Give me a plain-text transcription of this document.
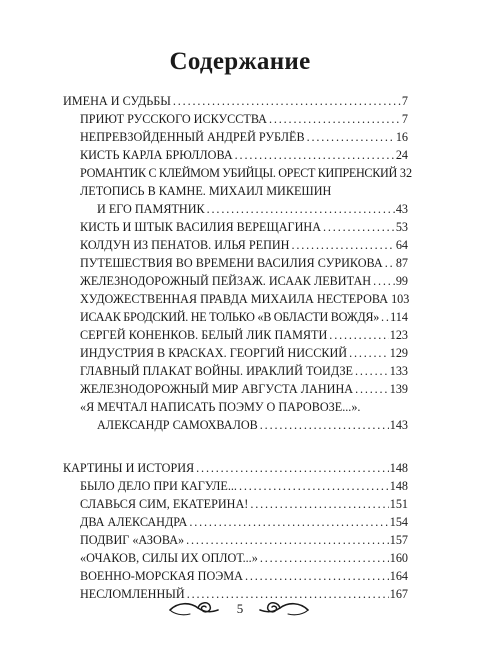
Содержание
ИМЕНА И СУДЬБЫ . . .	7
ПРИЮТ РУССКОГО ИСКУССТВА . . .	7
НЕПРЕВЗОЙДЕННЫЙ АНДРЕЙ РУБЛЁВ . . .	16
КИСТЬ КАРЛА БРЮЛЛОВА . . .	24
РОМАНТИК С КЛЕЙМОМ УБИЙЦЫ. ОРЕСТ КИПРЕНСКИЙ 32
ЛЕТОПИСЬ В КАМНЕ. МИХАИЛ МИКЕШИН
И ЕГО ПАМЯТНИК . . .	43
КИСТЬ И ШТЫК ВАСИЛИЯ ВЕРЕЩАГИНА . . .	53
КОЛДУН ИЗ ПЕНАТОВ. ИЛЬЯ РЕПИН . . .	64
ПУТЕШЕСТВИЯ ВО ВРЕМЕНИ ВАСИЛИЯ СУРИКОВА . . . 87
ЖЕЛЕЗНОДОРОЖНЫЙ ПЕЙЗАЖ. ИСААК ЛЕВИТАН . . . 99
ХУДОЖЕСТВЕННАЯ ПРАВДА МИХАИЛА НЕСТЕРОВА 103
ИСААК БРОДСКИЙ. НЕ ТОЛЬКО «В ОБЛАСТИ ВОЖДЯ» . . . 114
СЕРГЕЙ КОНЕНКОВ. БЕЛЫЙ ЛИК ПАМЯТИ . . .	123
ИНДУСТРИЯ В КРАСКАХ. ГЕОРГИЙ НИССКИЙ . . .	129
ГЛАВНЫЙ ПЛАКАТ ВОЙНЫ. ИРАКЛИЙ ТОИДЗЕ . . .	133
ЖЕЛЕЗНОДОРОЖНЫЙ МИР АВГУСТА ЛАНИНА . . .	139
«Я МЕЧТАЛ НАПИСАТЬ ПОЭМУ О ПАРОВОЗЕ...».
АЛЕКСАНДР САМОХВАЛОВ . . .	143
КАРТИНЫ И ИСТОРИЯ . . .	148
БЫЛО ДЕЛО ПРИ КАГУЛЕ... . . .	148
СЛАВЬСЯ СИМ, ЕКАТЕРИНА! . . .	151
ДВА АЛЕКСАНДРА . . .	154
ПОДВИГ «АЗОВА» . . .	157
«ОЧАКОВ, СИЛЫ ИХ ОПЛОТ...» . . .	160
ВОЕННО-МОРСКАЯ ПОЭМА . . .	164
НЕСЛОМЛЕННЫЙ . . .	167
5
